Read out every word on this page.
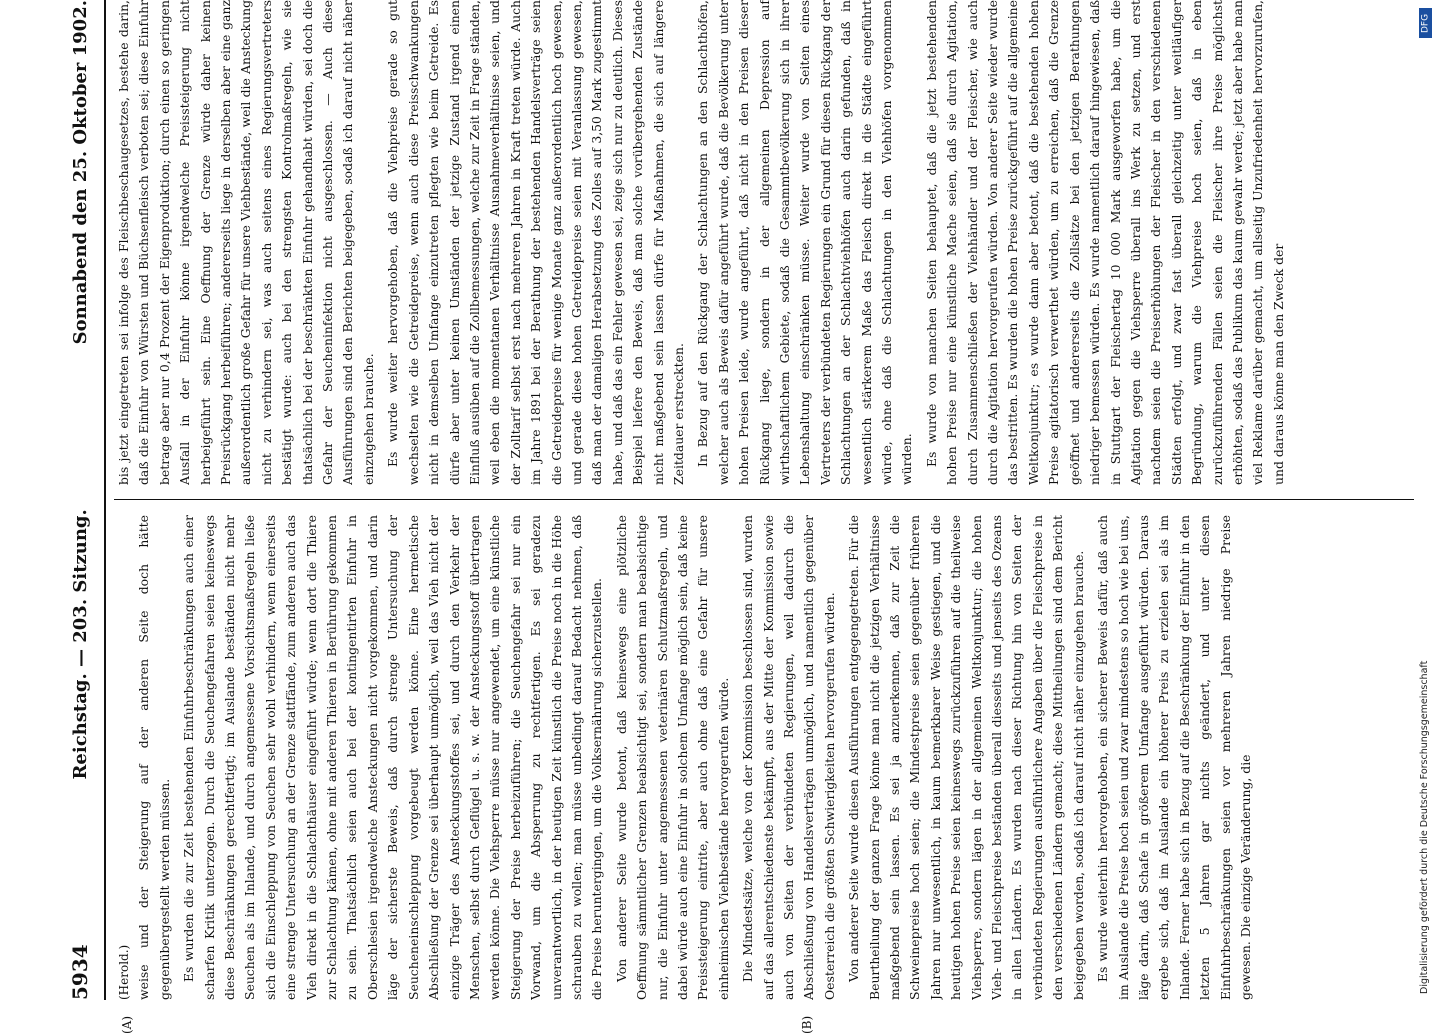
5934
Reichstag. — 203. Sitzung.
Sonnabend den 25. Oktober 1902.
(Herold.) weise und der Steigerung auf der anderen Seite doch hätte gegenübergestellt werden müssen. Es wurden die zur Zeit bestehenden Einfuhrbeschränkungen auch einer scharfen Kritik unterzogen. Durch die Seuchengefahren seien keineswegs diese Beschränkungen gerechtfertigt; im Auslande beständen nicht mehr Seuchen als im Inlande, und durch angemessene Vorsichtsmaßregeln ließe sich die Einschleppung von Seuchen sehr wohl verhindern, wenn einerseits eine strenge Untersuchung an der Grenze stattfände, zum anderen auch das Vieh direkt in die Schlachthäuser eingeführt würde; wenn dort die Thiere zur Schlachtung kämen, ohne mit anderen Thieren in Berührung gekommen zu sein. Thatsächlich seien auch bei der kontingentirten Einfuhr in Oberschlesien irgendwelche Ansteckungen nicht vorgekommen, und darin läge der sicherste Beweis, daß durch strenge Untersuchung der Seucheneinschleppung vorgebeugt werden könne. Eine hermetische Abschließung der Grenze sei überhaupt unmöglich, weil das Vieh nicht der einzige Träger des Ansteckungsstoffes sei, und durch den Verkehr der Menschen, selbst durch Geflügel u. s. w. der Ansteckungsstoff übertragen werden könne. Die Viehsperre müsse nur angewendet, um eine künstliche Steigerung der Preise herbeizuführen; die Seuchengefahr sei nur ein Vorwand, um die Absperrung zu rechtfertigen. Es sei geradezu unverantwortlich, in der heutigen Zeit künstlich die Preise noch in die Höhe schrauben zu wollen; man müsse unbedingt darauf Bedacht nehmen, daß die Preise heruntergingen, um die Volksernährung sicherzustellen. Von anderer Seite wurde betont, daß keineswegs eine plötzliche Oeffnung sämmtlicher Grenzen beabsichtigt sei, sondern man beabsichtige nur, die Einfuhr unter angemessenen veterinären Schutzmaßregeln, und dabei würde auch eine Einfuhr in solchem Umfange möglich sein, daß keine Preissteigerung eintrite, aber auch ohne daß eine Gefahr für unsere einheimischen Viehbestände hervorgerufen würde. Die Mindestsätze, welche von der Kommission beschlossen sind, wurden auf das allerentschiedenste bekämpft, aus der Mitte der Kommission sowie auch von Seiten der verbündeten Regierungen, weil dadurch die Abschließung von Handelsverträgen unmöglich, und namentlich gegenüber Oesterreich die größten Schwierigkeiten hervorgerufen würden. Von anderer Seite wurde diesen Ausführungen entgegengetreten. Für die Beurtheilung der ganzen Frage könne man nicht die jetzigen Verhältnisse maßgebend sein lassen. Es sei ja anzuerkennen, daß zur Zeit die Schweinepreise hoch seien; die Mindestpreise seien gegenüber früheren Jahren nur unwesentlich, in kaum bemerkbarer Weise gestiegen, und die heutigen hohen Preise seien keineswegs zurückzuführen auf die theilweise Viehsperre, sondern lägen in der allgemeinen Weltkonjunktur; die hohen Vieh- und Fleischpreise beständen überall diesseits und jenseits des Ozeans in allen Ländern. Es wurden nach dieser Richtung hin von Seiten der verbündeten Regierungen ausführlichere Angaben über die Fleischpreise in den verschiedenen Ländern gemacht; diese Mittheilungen sind dem Bericht beigegeben worden, sodaß ich darauf nicht näher einzugehen brauche. Es wurde weiterhin hervorgehoben, ein sicherer Beweis dafür, daß auch im Auslande die Preise hoch seien und zwar mindestens so hoch wie bei uns, läge darin, daß Schafe in größerem Umfange ausgeführt würden. Daraus ergebe sich, daß im Auslande ein höherer Preis zu erzielen sei als im Inlande. Ferner habe sich in Bezug auf die Beschränkung der Einfuhr in den letzten 5 Jahren gar nichts geändert, und unter diesen Einfuhrbeschränkungen seien vor mehreren Jahren niedrige Preise gewesen. Die einzige Veränderung, die

bis jetzt eingetreten sei infolge des Fleischbeschaugesetzes, bestehe darin, daß die Einfuhr von Würsten und Büchsenfleisch verboten sei; diese Einfuhr betrage aber nur 0,4 Prozent der Eigenproduktion; durch einen so geringen Ausfall in der Einfuhr könne irgendwelche Preissteigerung nicht herbeigeführt sein. Eine Oeffnung der Grenze würde daher keinen Preisrückgang herbeiführen; andererseits liege in derselben aber eine ganz außerordentlich große Gefahr für unsere Viehbestände, weil die Ansteckung nicht zu verhindern sei, was auch seitens eines Regierungsvertreters bestätigt wurde: auch bei den strengsten Kontrolmaßregeln, wie sie thatsächlich bei der beschränkten Einfuhr gehandhabt würden, sei doch die Gefahr der Seucheninfektion nicht ausgeschlossen. — Auch diese Ausführungen sind den Berichten beigegeben, sodaß ich darauf nicht näher einzugehen brauche. Es wurde weiter hervorgehoben, daß die Viehpreise gerade so gut wechselten wie die Getreidepreise, wenn auch diese Preisschwankungen nicht in demselben Umfange einzutreten pflegten wie beim Getreide. Es dürfe aber unter keinen Umständen der jetzige Zustand irgend einen Einfluß ausüben auf die Zollbemessungen, welche zur Zeit in Frage ständen, weil eben die momentanen Verhältnisse Ausnahmeverhältnisse seien, und der Zolltarif selbst erst nach mehreren Jahren in Kraft treten würde. Auch im Jahre 1891 bei der Berathung der bestehenden Handelsverträge seien die Getreidepreise für wenige Monate ganz außerordentlich hoch gewesen, und gerade diese hohen Getreidepreise seien mit Veranlassung gewesen, daß man der damaligen Herabsetzung des Zolles auf 3,50 Mark zugestimmt habe, und daß das ein Fehler gewesen sei, zeige sich nur zu deutlich. Dieses Beispiel liefere den Beweis, daß man solche vorübergehenden Zustände nicht maßgebend sein lassen dürfe für Maßnahmen, die sich auf längere Zeitdauer erstreckten. In Bezug auf den Rückgang der Schlachtungen an den Schlachthöfen, welcher auch als Beweis dafür angeführt wurde, daß die Bevölkerung unter hohen Preisen leide, wurde angeführt, daß nicht in den Preisen dieser Rückgang liege, sondern in der allgemeinen Depression auf wirthschaftlichem Gebiete, sodaß die Gesammtbevölkerung sich in ihrer Lebenshaltung einschränken müsse. Weiter wurde von Seiten eines Vertreters der verbündeten Regierungen ein Grund für diesen Rückgang der Schlachtungen an der Schlachtviehhöfen auch darin gefunden, daß in wesentlich stärkerem Maße das Fleisch direkt in die Städte eingeführt würde, ohne daß die Schlachtungen in den Viehhöfen vorgenommen würden. Es wurde von manchen Seiten behauptet, daß die jetzt bestehenden hohen Preise nur eine künstliche Mache seien, daß sie durch Agitation, durch Zusammenschließen der Viehhändler und der Fleischer, wie auch durch die Agitation hervorgerufen würden. Von anderer Seite wieder wurde das bestritten. Es wurden die hohen Preise zurückgeführt auf die allgemeine Weltkonjunktur; es wurde dann aber betont, daß die bestehenden hohen Preise agitatorisch verwerthet würden, um zu erreichen, daß die Grenze geöffnet und andererseits die Zollsätze bei den jetzigen Berathungen niedriger bemessen würden. Es wurde namentlich darauf hingewiesen, daß in Stuttgart der Fleischertag 10 000 Mark ausgeworfen habe, um die Agitation gegen die Viehsperre überall ins Werk zu setzen, und erst nachdem seien die Preiserhöhungen der Fleischer in den verschiedenen Städten erfolgt, und zwar fast überall gleichzeitig unter weitläufiger Begründung, warum die Viehpreise hoch seien, daß in eben zurückzuführenden Fällen seien die Fleischer ihre Preise möglichst erhöhten, sodaß das Publikum das kaum gewahr werde; jetzt aber habe man viel Reklame darüber gemacht, um allseitig Unzufriedenheit hervorzurufen, und daraus könne man den Zweck der

(A)	(B)
DFG
Digitalisierung gefördert durch die Deutsche Forschungsgemeinschaft
